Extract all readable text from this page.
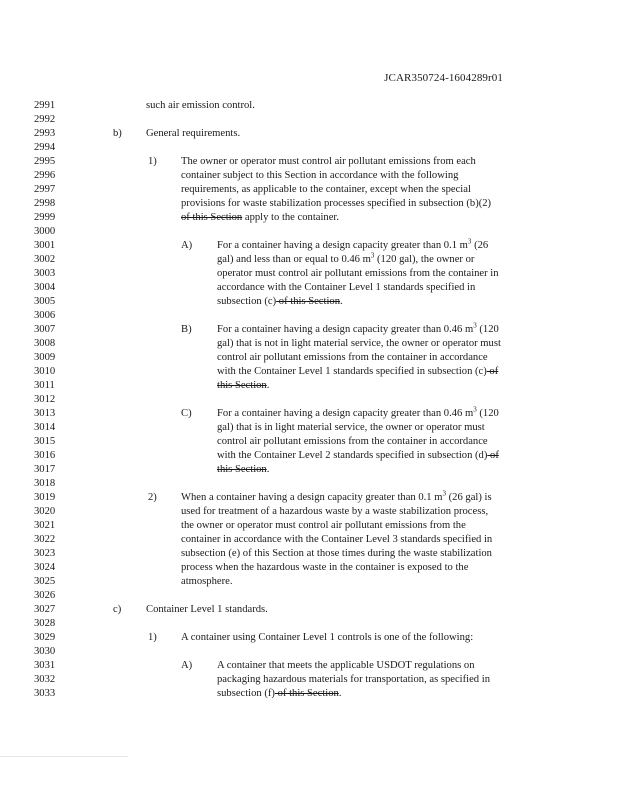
JCAR350724-1604289r01
2991
2992
2993
2994
2995
2996
2997
2998
2999
3000
3001
3002
3003
3004
3005
3006
3007
3008
3009
3010
3011
3012
3013
3014
3015
3016
3017
3018
3019
3020
3021
3022
3023
3024
3025
3026
3027
3028
3029
3030
3031
3032
3033
such air emission control.
b) General requirements.
1) The owner or operator must control air pollutant emissions from each
container subject to this Section in accordance with the following
requirements, as applicable to the container, except when the special
provisions for waste stabilization processes specified in subsection (b)(2)
of this Section apply to the container.
A) For a container having a design capacity greater than 0.1 $m^3$ (26
gal) and less than or equal to 0.46 $m^3$ (120 gal), the owner or
operator must control air pollutant emissions from the container in
accordance with the Container Level 1 standards specified in
subsection (c) of this Section.
B) For a container having a design capacity greater than 0.46 $m^3$ (120
gal) that is not in light material service, the owner or operator must
control air pollutant emissions from the container in accordance
with the Container Level 1 standards specified in subsection (c) of
this Section.
C) For a container having a design capacity greater than 0.46 $m^3$ (120
gal) that is in light material service, the owner or operator must
control air pollutant emissions from the container in accordance
with the Container Level 2 standards specified in subsection (d) of
this Section.
2) When a container having a design capacity greater than 0.1 $m^3$ (26 gal) is
used for treatment of a hazardous waste by a waste stabilization process,
the owner or operator must control air pollutant emissions from the
container in accordance with the Container Level 3 standards specified in
subsection (e) of this Section at those times during the waste stabilization
process when the hazardous waste in the container is exposed to the
atmosphere.
c) Container Level 1 standards.
1) A container using Container Level 1 controls is one of the following:
A) A container that meets the applicable USDOT regulations on
packaging hazardous materials for transportation, as specified in
subsection (f) of this Section.
